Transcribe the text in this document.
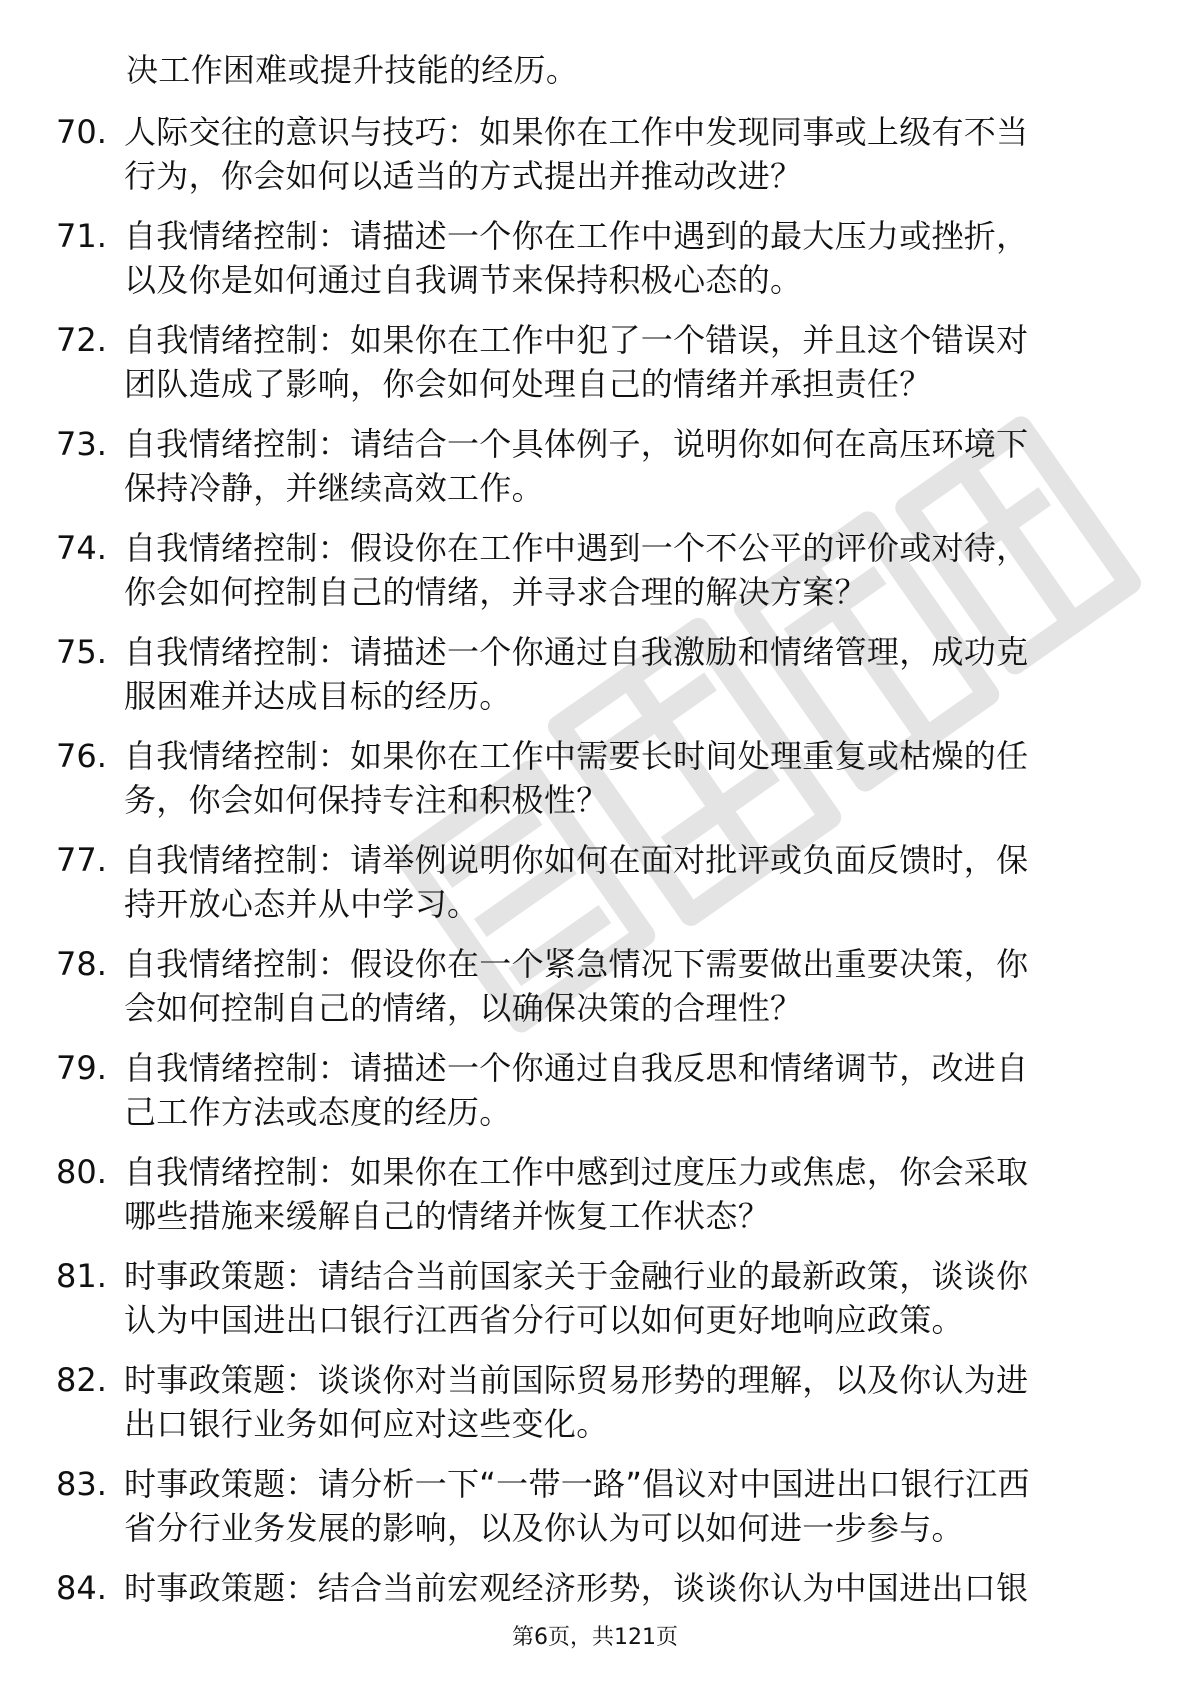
决工作困难或提升技能的经历。
70. 人际交往的意识与技巧：如果你在工作中发现同事或上级有不当
行为，你会如何以适当的方式提出并推动改进？
71. 自我情绪控制：请描述一个你在工作中遇到的最大压力或挫折，
以及你是如何通过自我调节来保持积极心态的。
72. 自我情绪控制：如果你在工作中犯了一个错误，并且这个错误对
团队造成了影响，你会如何处理自己的情绪并承担责任？
73. 自我情绪控制：请结合一个具体例子，说明你如何在高压环境下
保持冷静，并继续高效工作。
74. 自我情绪控制：假设你在工作中遇到一个不公平的评价或对待，
你会如何控制自己的情绪，并寻求合理的解决方案？
75. 自我情绪控制：请描述一个你通过自我激励和情绪管理，成功克
服困难并达成目标的经历。
76. 自我情绪控制：如果你在工作中需要长时间处理重复或枯燥的任
务，你会如何保持专注和积极性？
77. 自我情绪控制：请举例说明你如何在面对批评或负面反馈时，保
持开放心态并从中学习。
78. 自我情绪控制：假设你在一个紧急情况下需要做出重要决策，你
会如何控制自己的情绪，以确保决策的合理性？
79. 自我情绪控制：请描述一个你通过自我反思和情绪调节，改进自
己工作方法或态度的经历。
80. 自我情绪控制：如果你在工作中感到过度压力或焦虑，你会采取
哪些措施来缓解自己的情绪并恢复工作状态？
81. 时事政策题：请结合当前国家关于金融行业的最新政策，谈谈你
认为中国进出口银行江西省分行可以如何更好地响应政策。
82. 时事政策题：谈谈你对当前国际贸易形势的理解，以及你认为进
出口银行业务如何应对这些变化。
83. 时事政策题：请分析一下“一带一路”倡议对中国进出口银行江西
省分行业务发展的影响，以及你认为可以如何进一步参与。
84. 时事政策题：结合当前宏观经济形势，谈谈你认为中国进出口银
第6页，共121页
